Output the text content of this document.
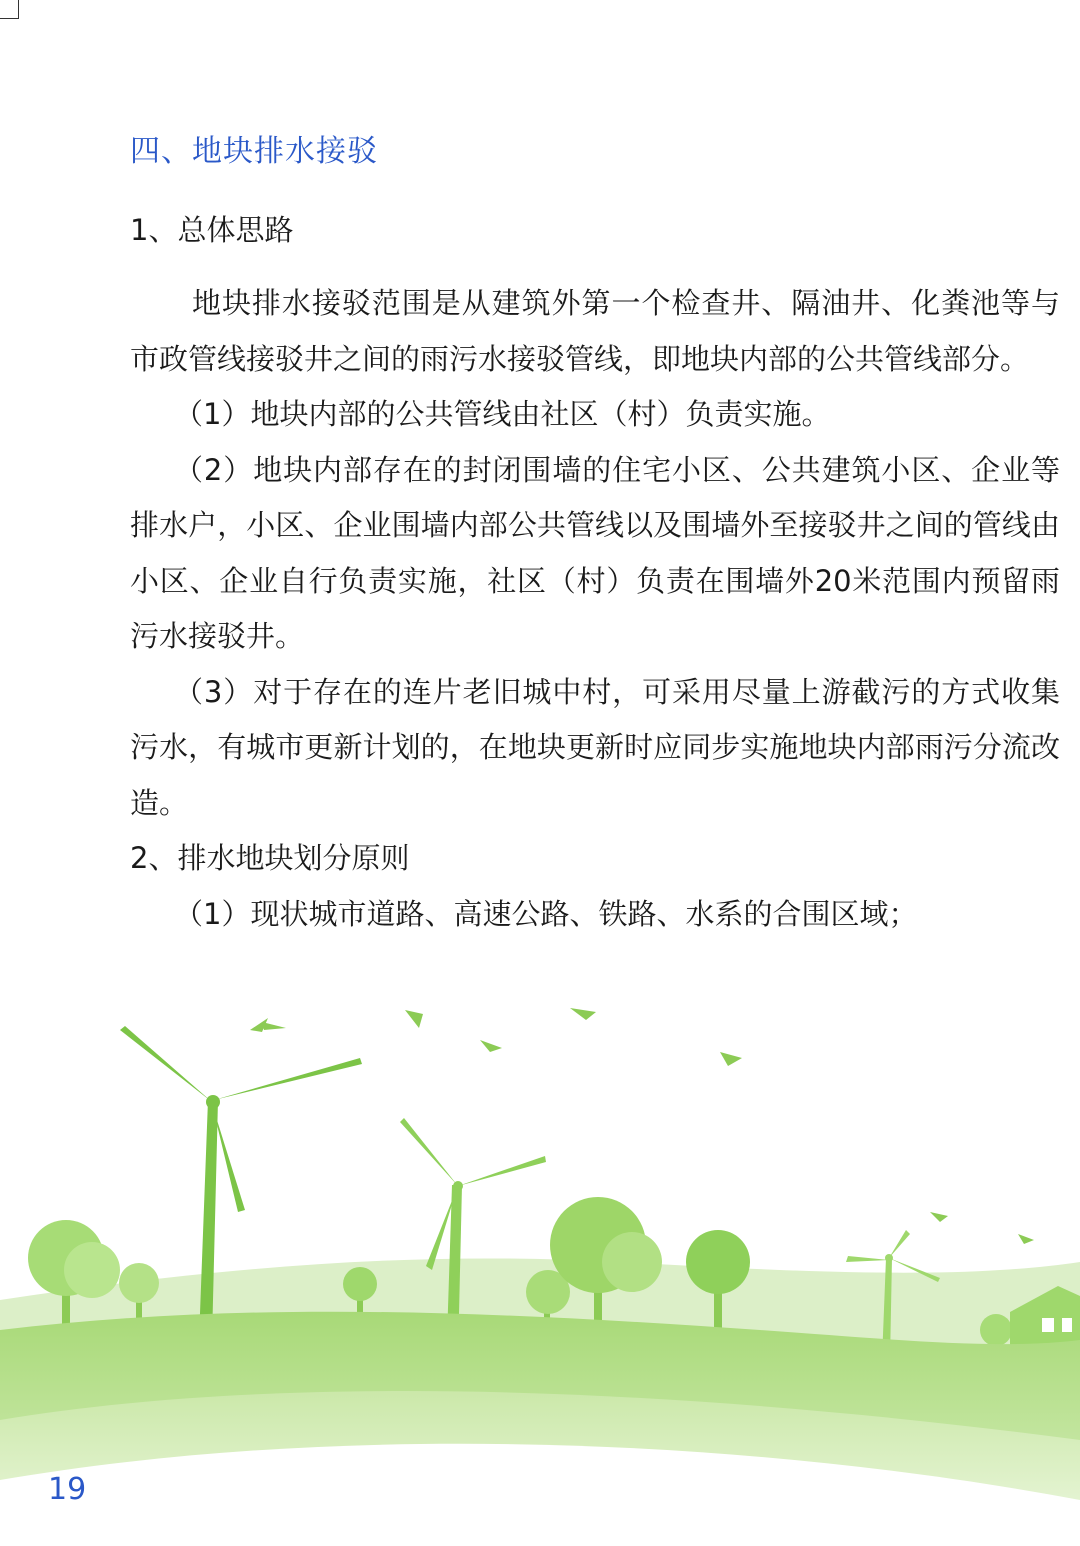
四、地块排水接驳
1、总体思路

地块排水接驳范围是从建筑外第一个检查井、隔油井、化粪池等与市政管线接驳井之间的雨污水接驳管线，即地块内部的公共管线部分。

（1）地块内部的公共管线由社区（村）负责实施。

（2）地块内部存在的封闭围墙的住宅小区、公共建筑小区、企业等排水户，小区、企业围墙内部公共管线以及围墙外至接驳井之间的管线由小区、企业自行负责实施，社区（村）负责在围墙外20米范围内预留雨污水接驳井。

（3）对于存在的连片老旧城中村，可采用尽量上游截污的方式收集污水，有城市更新计划的，在地块更新时应同步实施地块内部雨污分流改造。

2、排水地块划分原则

（1）现状城市道路、高速公路、铁路、水系的合围区域；

19
